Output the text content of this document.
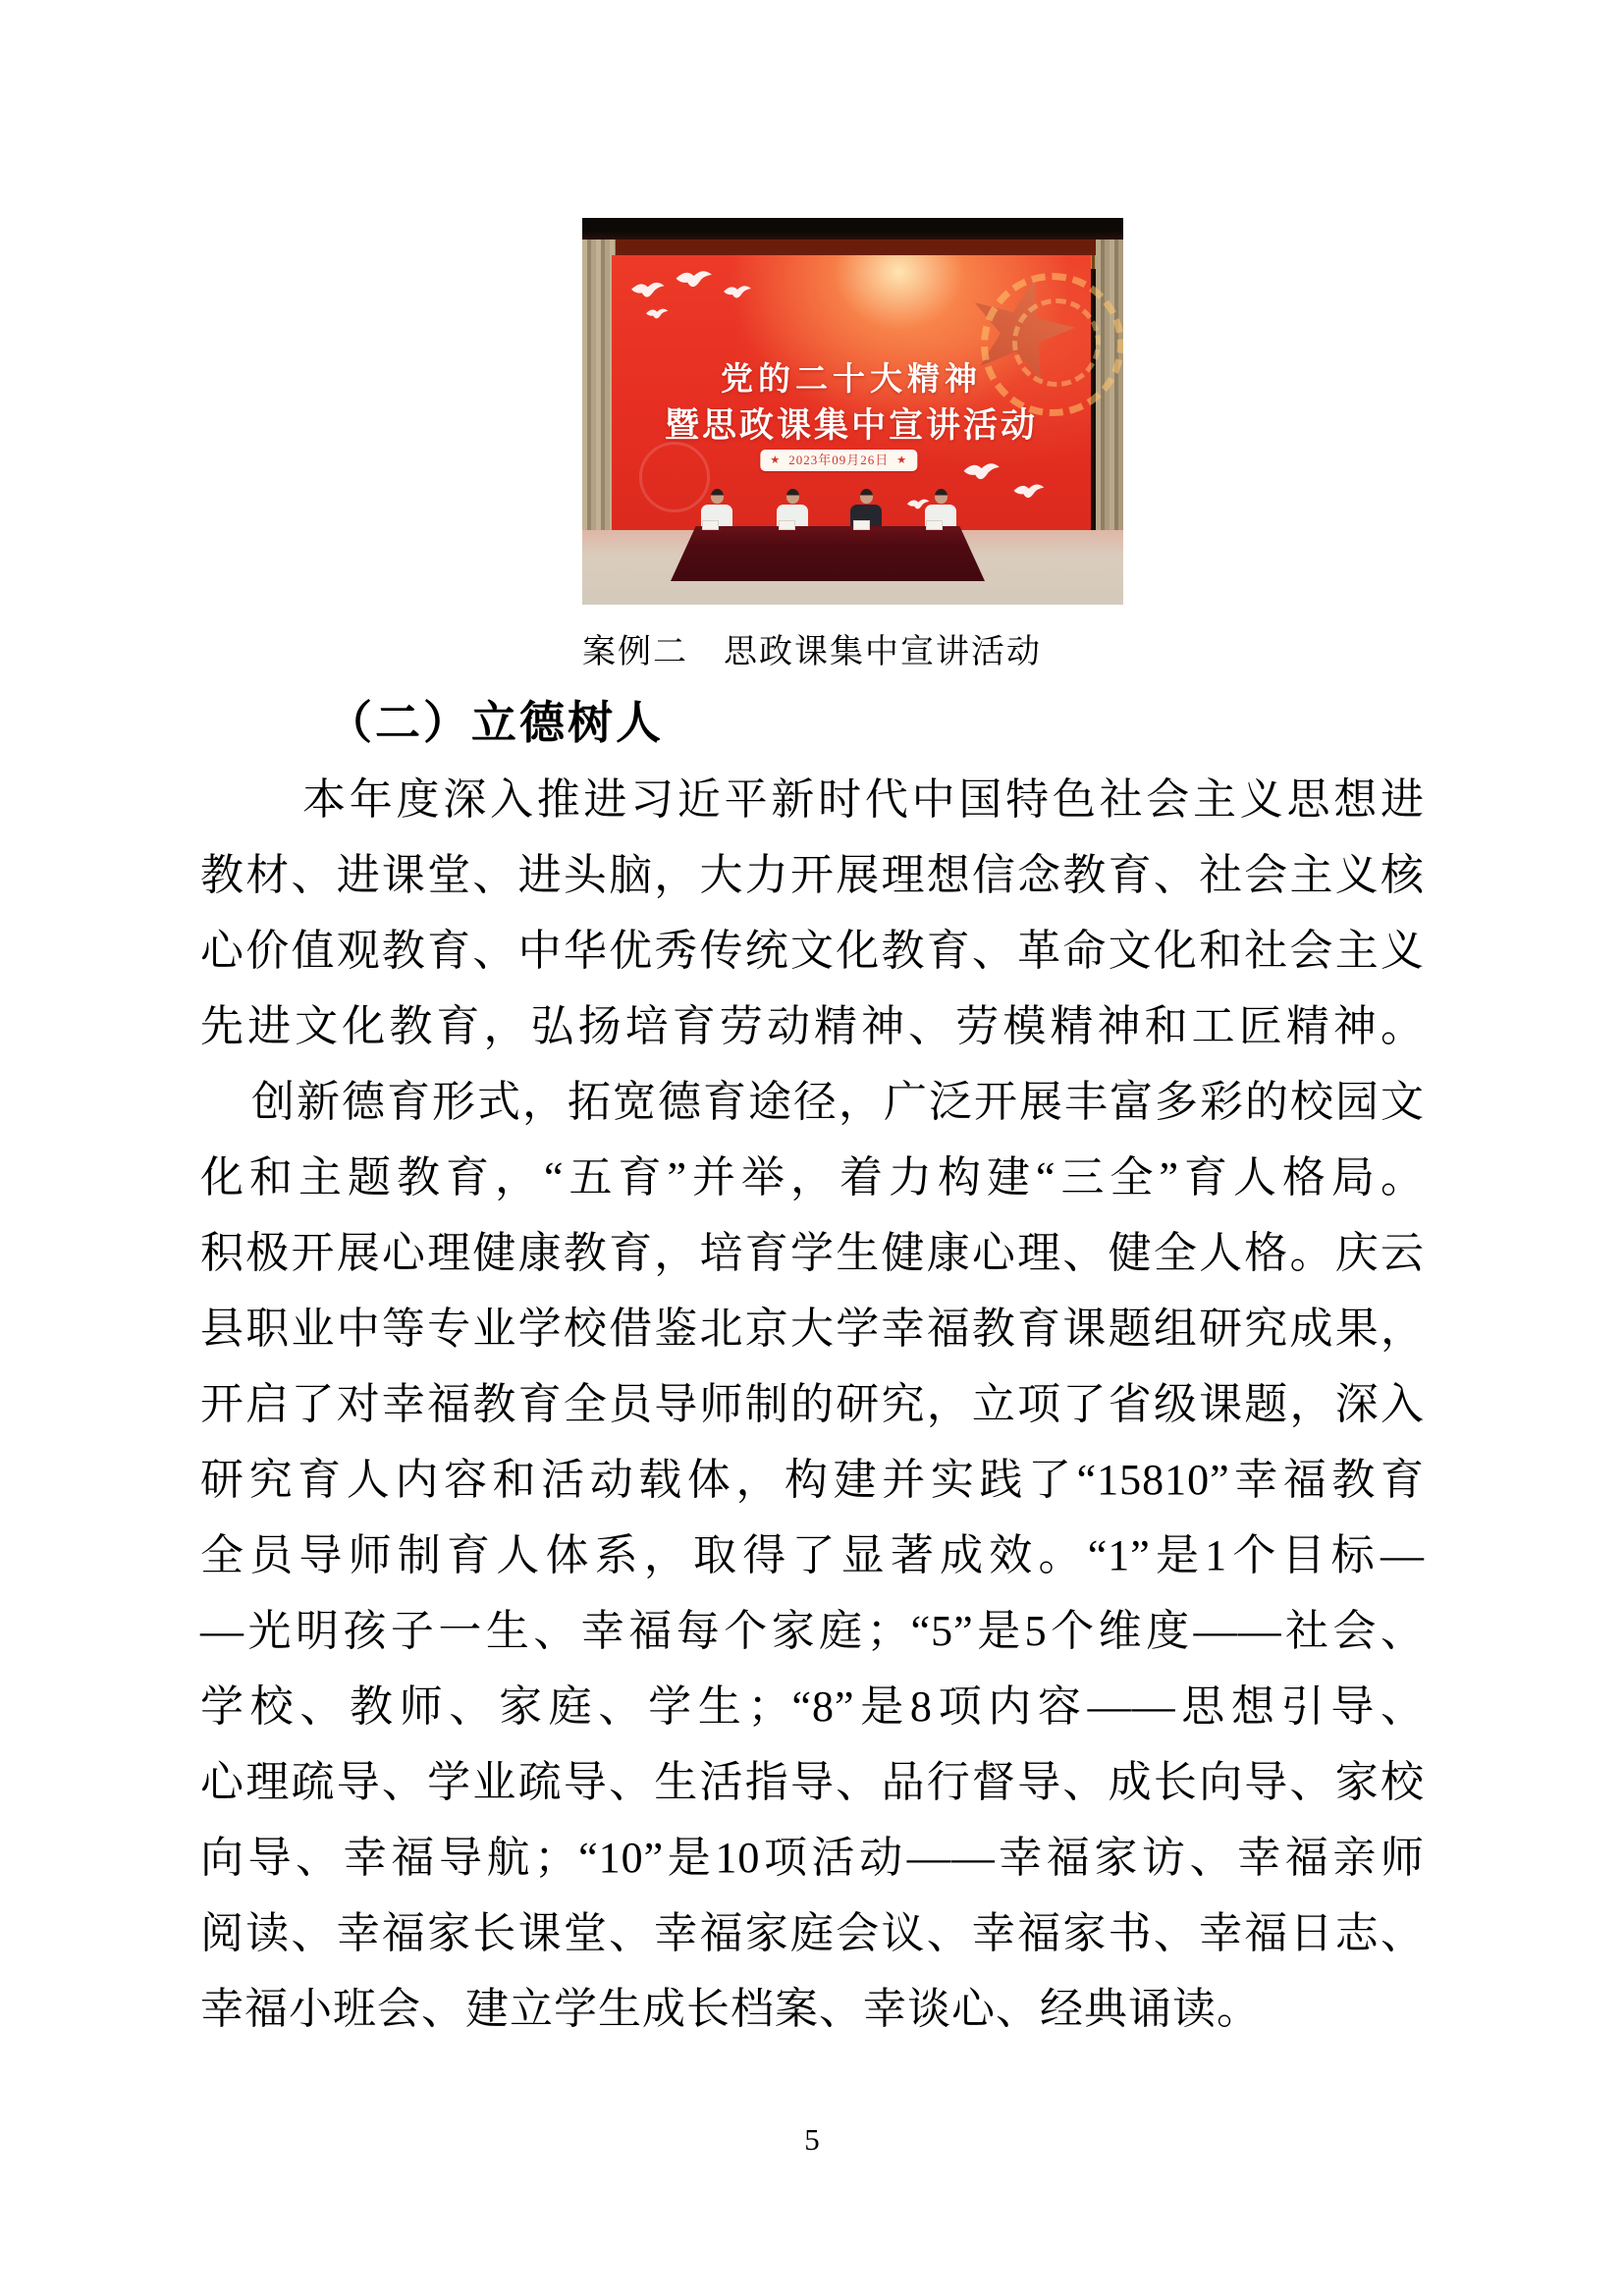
党的二十大精神
暨思政课集中宣讲活动
★ 2023年09月26日 ★
案例二　思政课集中宣讲活动
（二）立德树人
本年度深入推进习近平新时代中国特色社会主义思想进
教材、进课堂、进头脑，大力开展理想信念教育、社会主义核
心价值观教育、中华优秀传统文化教育、革命文化和社会主义
先进文化教育，弘扬培育劳动精神、劳模精神和工匠精神。
创新德育形式，拓宽德育途径，广泛开展丰富多彩的校园文
化和主题教育，“五育”并举，着力构建“三全”育人格局。
积极开展心理健康教育，培育学生健康心理、健全人格。庆云
县职业中等专业学校借鉴北京大学幸福教育课题组研究成果，
开启了对幸福教育全员导师制的研究，立项了省级课题，深入
研究育人内容和活动载体，构建并实践了“15810”幸福教育
全员导师制育人体系，取得了显著成效。“1”是1个目标—
—光明孩子一生、幸福每个家庭；“5”是5个维度——社会、
学校、教师、家庭、学生；“8”是8项内容——思想引导、
心理疏导、学业疏导、生活指导、品行督导、成长向导、家校
向导、幸福导航；“10”是10项活动——幸福家访、幸福亲师
阅读、幸福家长课堂、幸福家庭会议、幸福家书、幸福日志、
幸福小班会、建立学生成长档案、幸谈心、经典诵读。
5
